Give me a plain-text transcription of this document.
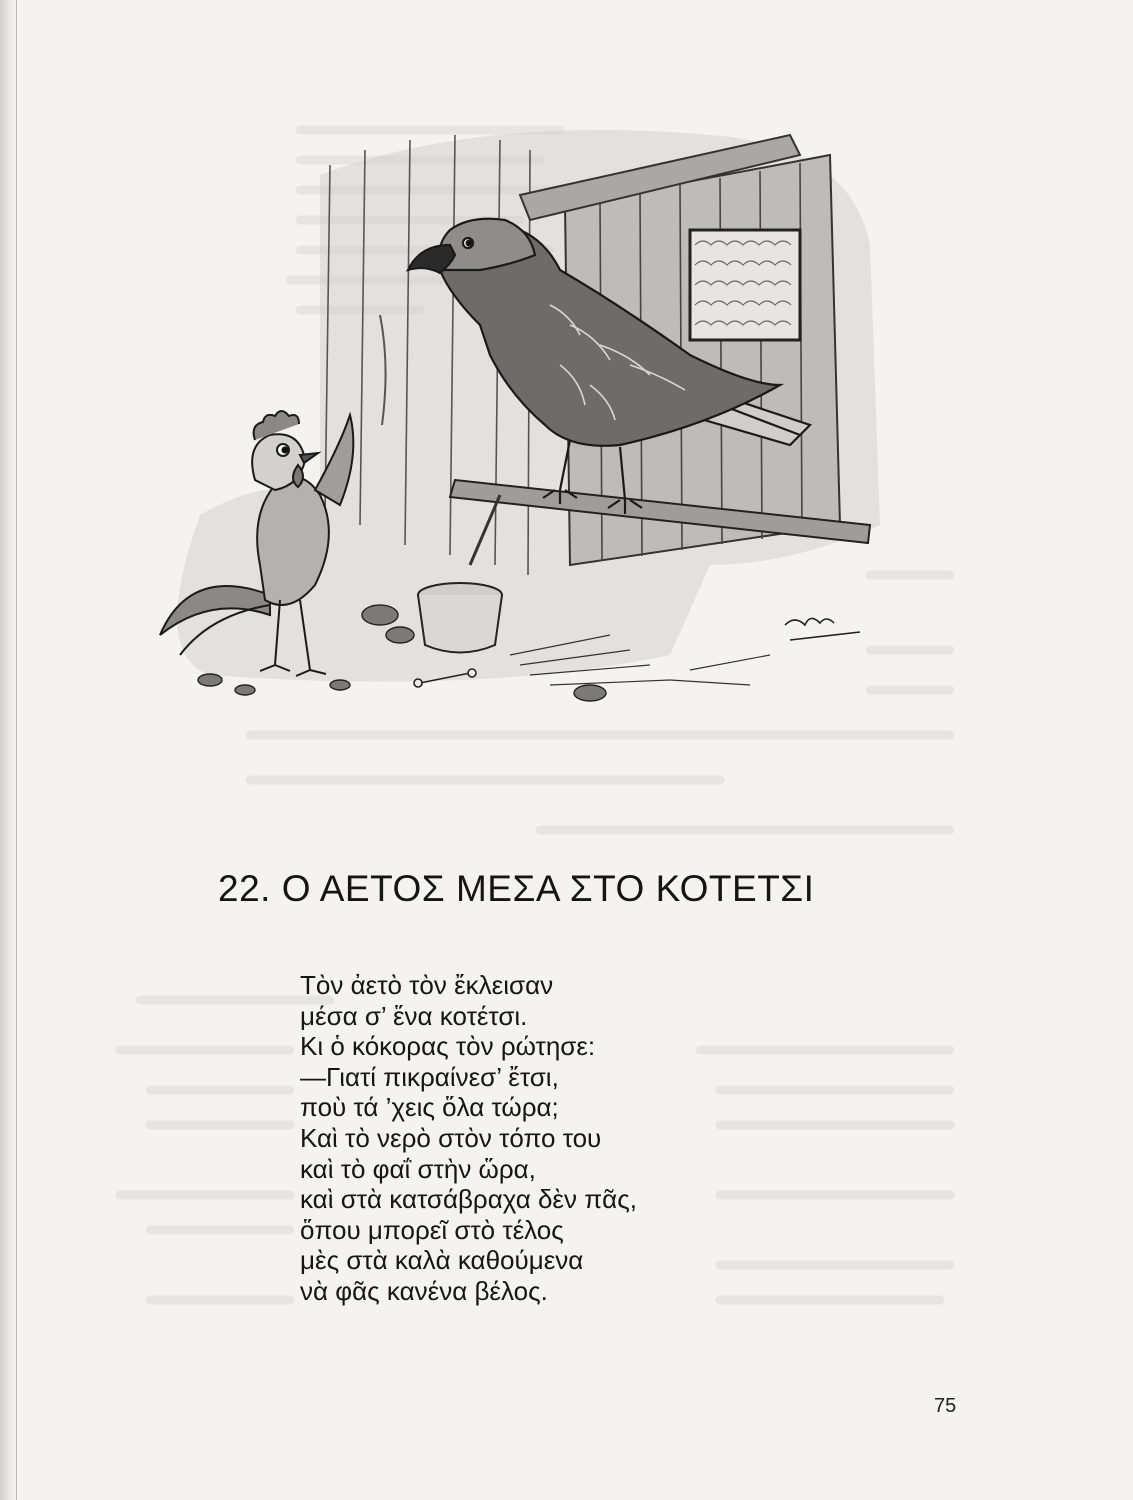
22. Ο ΑΕΤΟΣ ΜΕΣΑ ΣΤΟ ΚΟΤΕΤΣΙ
Τὸν ἀετὸ τὸν ἔκλεισαν
μέσα σ’ ἕνα κοτέτσι.
Κι ὁ κόκορας τὸν ρώτησε:
—Γιατί πικραίνεσ’ ἔτσι,
ποὺ τά ’χεις ὅλα τώρα;
Καὶ τὸ νερὸ στὸν τόπο του
καὶ τὸ φαΐ στὴν ὥρα,
καὶ στὰ κατσάβραχα δὲν πᾶς,
ὅπου μπορεῖ στὸ τέλος
μὲς στὰ καλὰ καθούμενα
νὰ φᾶς κανένα βέλος.
75
